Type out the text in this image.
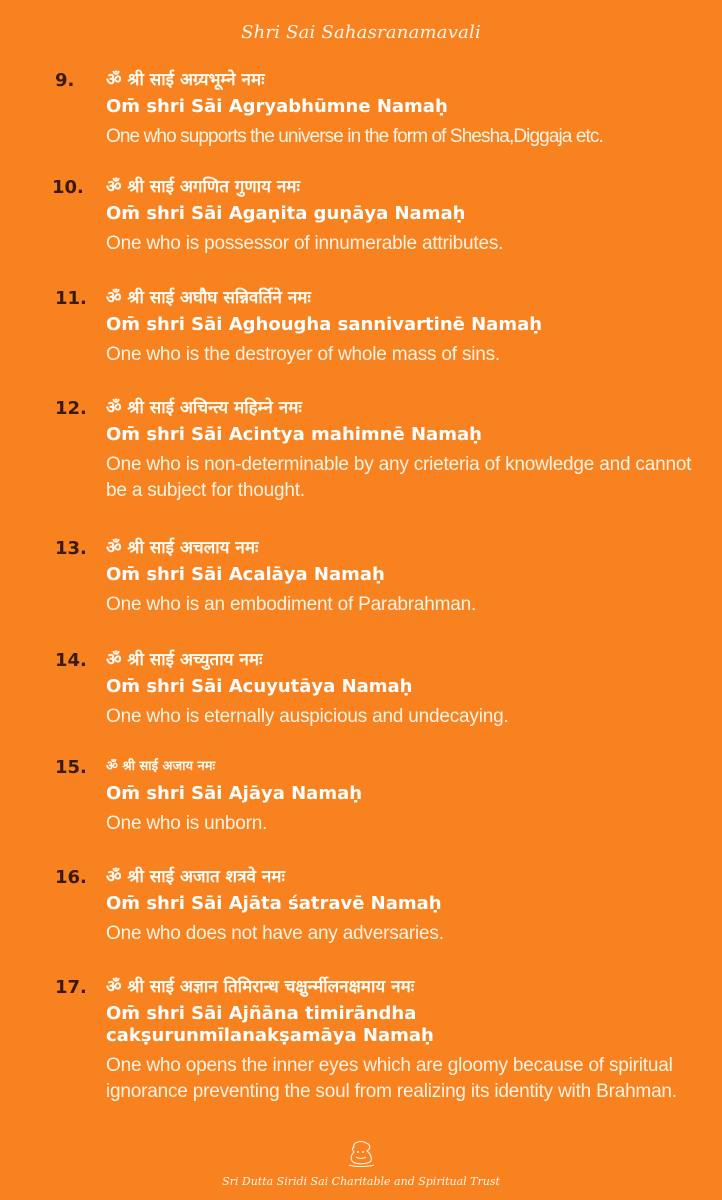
Shri Sai Sahasranamavali
9. ॐ श्री साई अग्र्यभूम्ने नमः
Om̄ shri Sāi Agryabhūmne Namaḥ
One who supports the universe in the form of Shesha,Diggaja etc.
10. ॐ श्री साई अगणित गुणाय नमः
Om̄ shri Sāi Agaṇita guṇāya Namaḥ
One who is possessor of innumerable attributes.
11. ॐ श्री साई अघौघ सन्निवर्तिने नमः
Om̄ shri Sāi Aghougha sannivartinē Namaḥ
One who is the destroyer of whole mass of sins.
12. ॐ श्री साई अचिन्त्य महिम्ने नमः
Om̄ shri Sāi Acintya mahimnē Namaḥ
One who is non-determinable by any crieteria of knowledge and cannot be a subject for thought.
13. ॐ श्री साई अचलाय नमः
Om̄ shri Sāi Acalāya Namaḥ
One who is an embodiment of Parabrahman.
14. ॐ श्री साई अच्युताय नमः
Om̄ shri Sāi Acuyutāya Namaḥ
One who is eternally auspicious and undecaying.
15. ॐ श्री साई अजाय नमः
Om̄ shri Sāi Ajāya Namaḥ
One who is unborn.
16. ॐ श्री साई अजात शत्रवे नमः
Om̄ shri Sāi Ajāta śatravē Namaḥ
One who does not have any adversaries.
17. ॐ श्री साई अज्ञान तिमिरान्ध चक्षुर्न्मीलनक्षमाय नमः
Om̄ shri Sāi Ajñāna timirāndha cakṣurunmīlanakṣamāya Namaḥ
One who opens the inner eyes which are gloomy because of spiritual ignorance preventing the soul from realizing its identity with Brahman.
Sri Dutta Siridi Sai Charitable and Spiritual Trust
